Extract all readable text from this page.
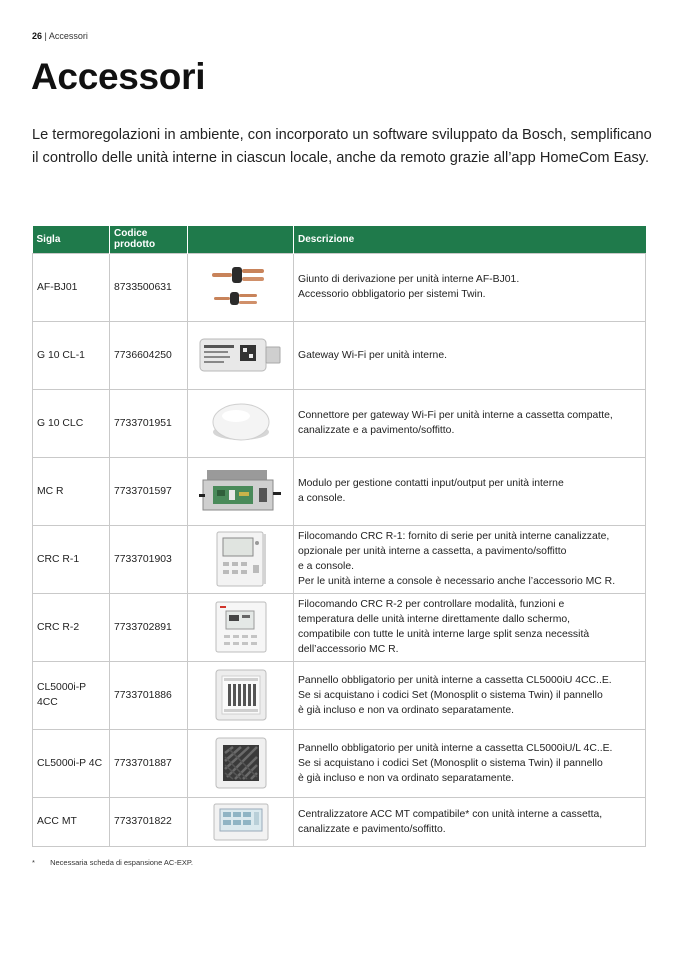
26 | Accessori
Accessori

Le termoregolazioni in ambiente, con incorporato un software sviluppato da Bosch, semplificano il controllo delle unità interne in ciascun locale, anche da remoto grazie all’app HomeCom Easy.

Sigla	Codice prodotto		Descrizione
AF-BJ01	8733500631		Giunto di derivazione per unità interne AF-BJ01.
Accessorio obbligatorio per sistemi Twin.

G 10 CL-1	7736604250		Gateway Wi-Fi per unità interne.

G 10 CLC	7733701951		Connettore per gateway Wi-Fi per unità interne a cassetta compatte,
canalizzate e a pavimento/soffitto.

MC R	7733701597		Modulo per gestione contatti input/output per unità interne
a console.

CRC R-1	7733701903		Filocomando CRC R-1: fornito di serie per unità interne canalizzate,
opzionale per unità interne a cassetta, a pavimento/soffitto
e a console.
Per le unità interne a console è necessario anche l’accessorio MC R.

CRC R-2	7733702891		Filocomando CRC R-2 per controllare modalità, funzioni e
temperatura delle unità interne direttamente dallo schermo,
compatibile con tutte le unità interne large split senza necessità
dell’accessorio MC R.

CL5000i-P 4CC	7733701886		Pannello obbligatorio per unità interne a cassetta CL5000iU 4CC..E.
Se si acquistano i codici Set (Monosplit o sistema Twin) il pannello
è già incluso e non va ordinato separatamente.

CL5000i-P 4C	7733701887		Pannello obbligatorio per unità interne a cassetta CL5000iU/L 4C..E.
Se si acquistano i codici Set (Monosplit o sistema Twin) il pannello
è già incluso e non va ordinato separatamente.

ACC MT	7733701822		Centralizzatore ACC MT compatibile* con unità interne a cassetta,
canalizzate e pavimento/soffitto.
* Necessaria scheda di espansione AC-EXP.
